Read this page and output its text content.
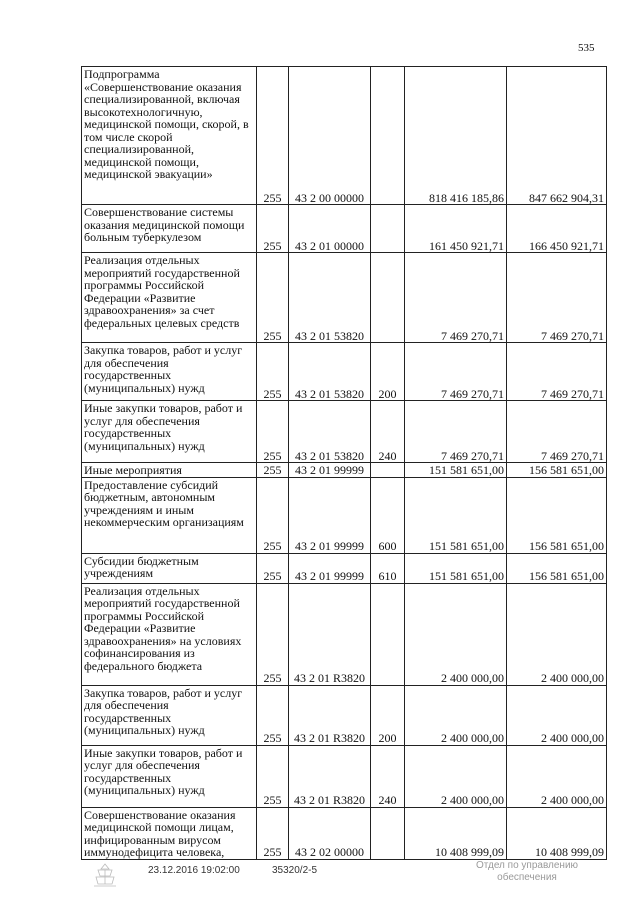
535
Подпрограмма «Совершенствование оказания специализированной, включая высокотехнологичную, медицинской помощи, скорой, в том числе скорой специализированной, медицинской помощи, медицинской эвакуации»	255	43 2 00 00000		818 416 185,86	847 662 904,31
Совершенствование системы оказания медицинской помощи больным туберкулезом	255	43 2 01 00000		161 450 921,71	166 450 921,71
Реализация отдельных мероприятий государственной программы Российской Федерации «Развитие здравоохранения» за счет федеральных целевых средств	255	43 2 01 53820		7 469 270,71	7 469 270,71
Закупка товаров, работ и услуг для обеспечения государственных (муниципальных) нужд	255	43 2 01 53820	200	7 469 270,71	7 469 270,71
Иные закупки товаров, работ и услуг для обеспечения государственных (муниципальных) нужд	255	43 2 01 53820	240	7 469 270,71	7 469 270,71
Иные мероприятия	255	43 2 01 99999		151 581 651,00	156 581 651,00
Предоставление субсидий бюджетным, автономным учреждениям и иным некоммерческим организациям	255	43 2 01 99999	600	151 581 651,00	156 581 651,00
Субсидии бюджетным учреждениям	255	43 2 01 99999	610	151 581 651,00	156 581 651,00
Реализация отдельных мероприятий государственной программы Российской Федерации «Развитие здравоохранения» на условиях софинансирования из федерального бюджета	255	43 2 01 R3820		2 400 000,00	2 400 000,00
Закупка товаров, работ и услуг для обеспечения государственных (муниципальных) нужд	255	43 2 01 R3820	200	2 400 000,00	2 400 000,00
Иные закупки товаров, работ и услуг для обеспечения государственных (муниципальных) нужд	255	43 2 01 R3820	240	2 400 000,00	2 400 000,00
Совершенствование оказания медицинской помощи лицам, инфицированным вирусом иммунодефицита человека,	255	43 2 02 00000		10 408 999,09	10 408 999,09
23.12.2016 19:02:00	35320/2-5	Отдел по управлению обеспечения
